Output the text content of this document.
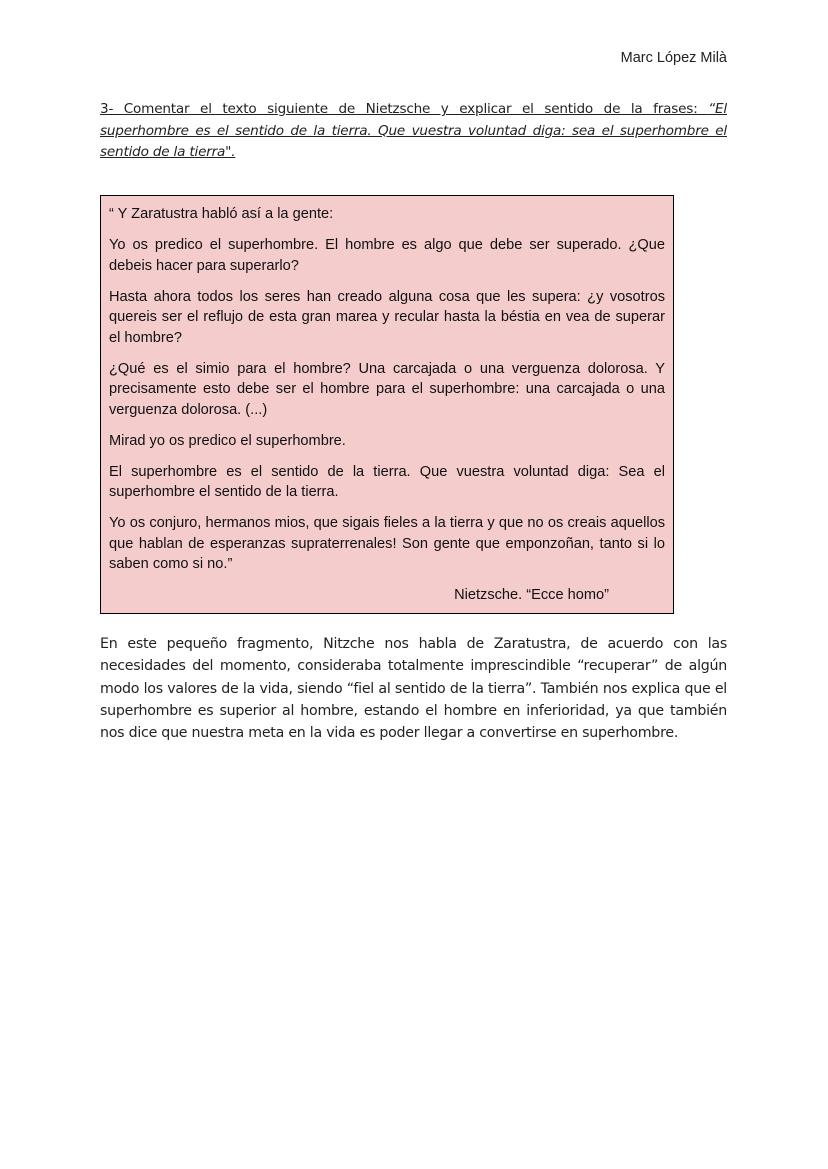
Marc López Milà
3- Comentar el texto siguiente de Nietzsche y explicar el sentido de la frases: “El superhombre es el sentido de la tierra. Que vuestra voluntad diga: sea el superhombre el sentido de la tierra".

“ Y Zaratustra habló así a la gente:

Yo os predico el superhombre. El hombre es algo que debe ser superado. ¿Que debeis hacer para superarlo?

Hasta ahora todos los seres han creado alguna cosa que les supera: ¿y vosotros quereis ser el reflujo de esta gran marea y recular hasta la béstia en vea de superar el hombre?

¿Qué es el simio para el hombre? Una carcajada o una verguenza dolorosa. Y precisamente esto debe ser el hombre para el superhombre: una carcajada o una verguenza dolorosa. (...)

Mirad yo os predico el superhombre.

El superhombre es el sentido de la tierra. Que vuestra voluntad diga: Sea el superhombre el sentido de la tierra.

Yo os conjuro, hermanos mios, que sigais fieles a la tierra y que no os creais aquellos que hablan de esperanzas supraterrenales! Son gente que emponzoñan, tanto si lo saben como si no.”

Nietzsche. “Ecce homo”

En este pequeño fragmento, Nitzche nos habla de Zaratustra, de acuerdo con las necesidades del momento, consideraba totalmente imprescindible “recuperar” de algún modo los valores de la vida, siendo “fiel al sentido de la tierra”. También nos explica que el superhombre es superior al hombre, estando el hombre en inferioridad, ya que también nos dice que nuestra meta en la vida es poder llegar a convertirse en superhombre.
